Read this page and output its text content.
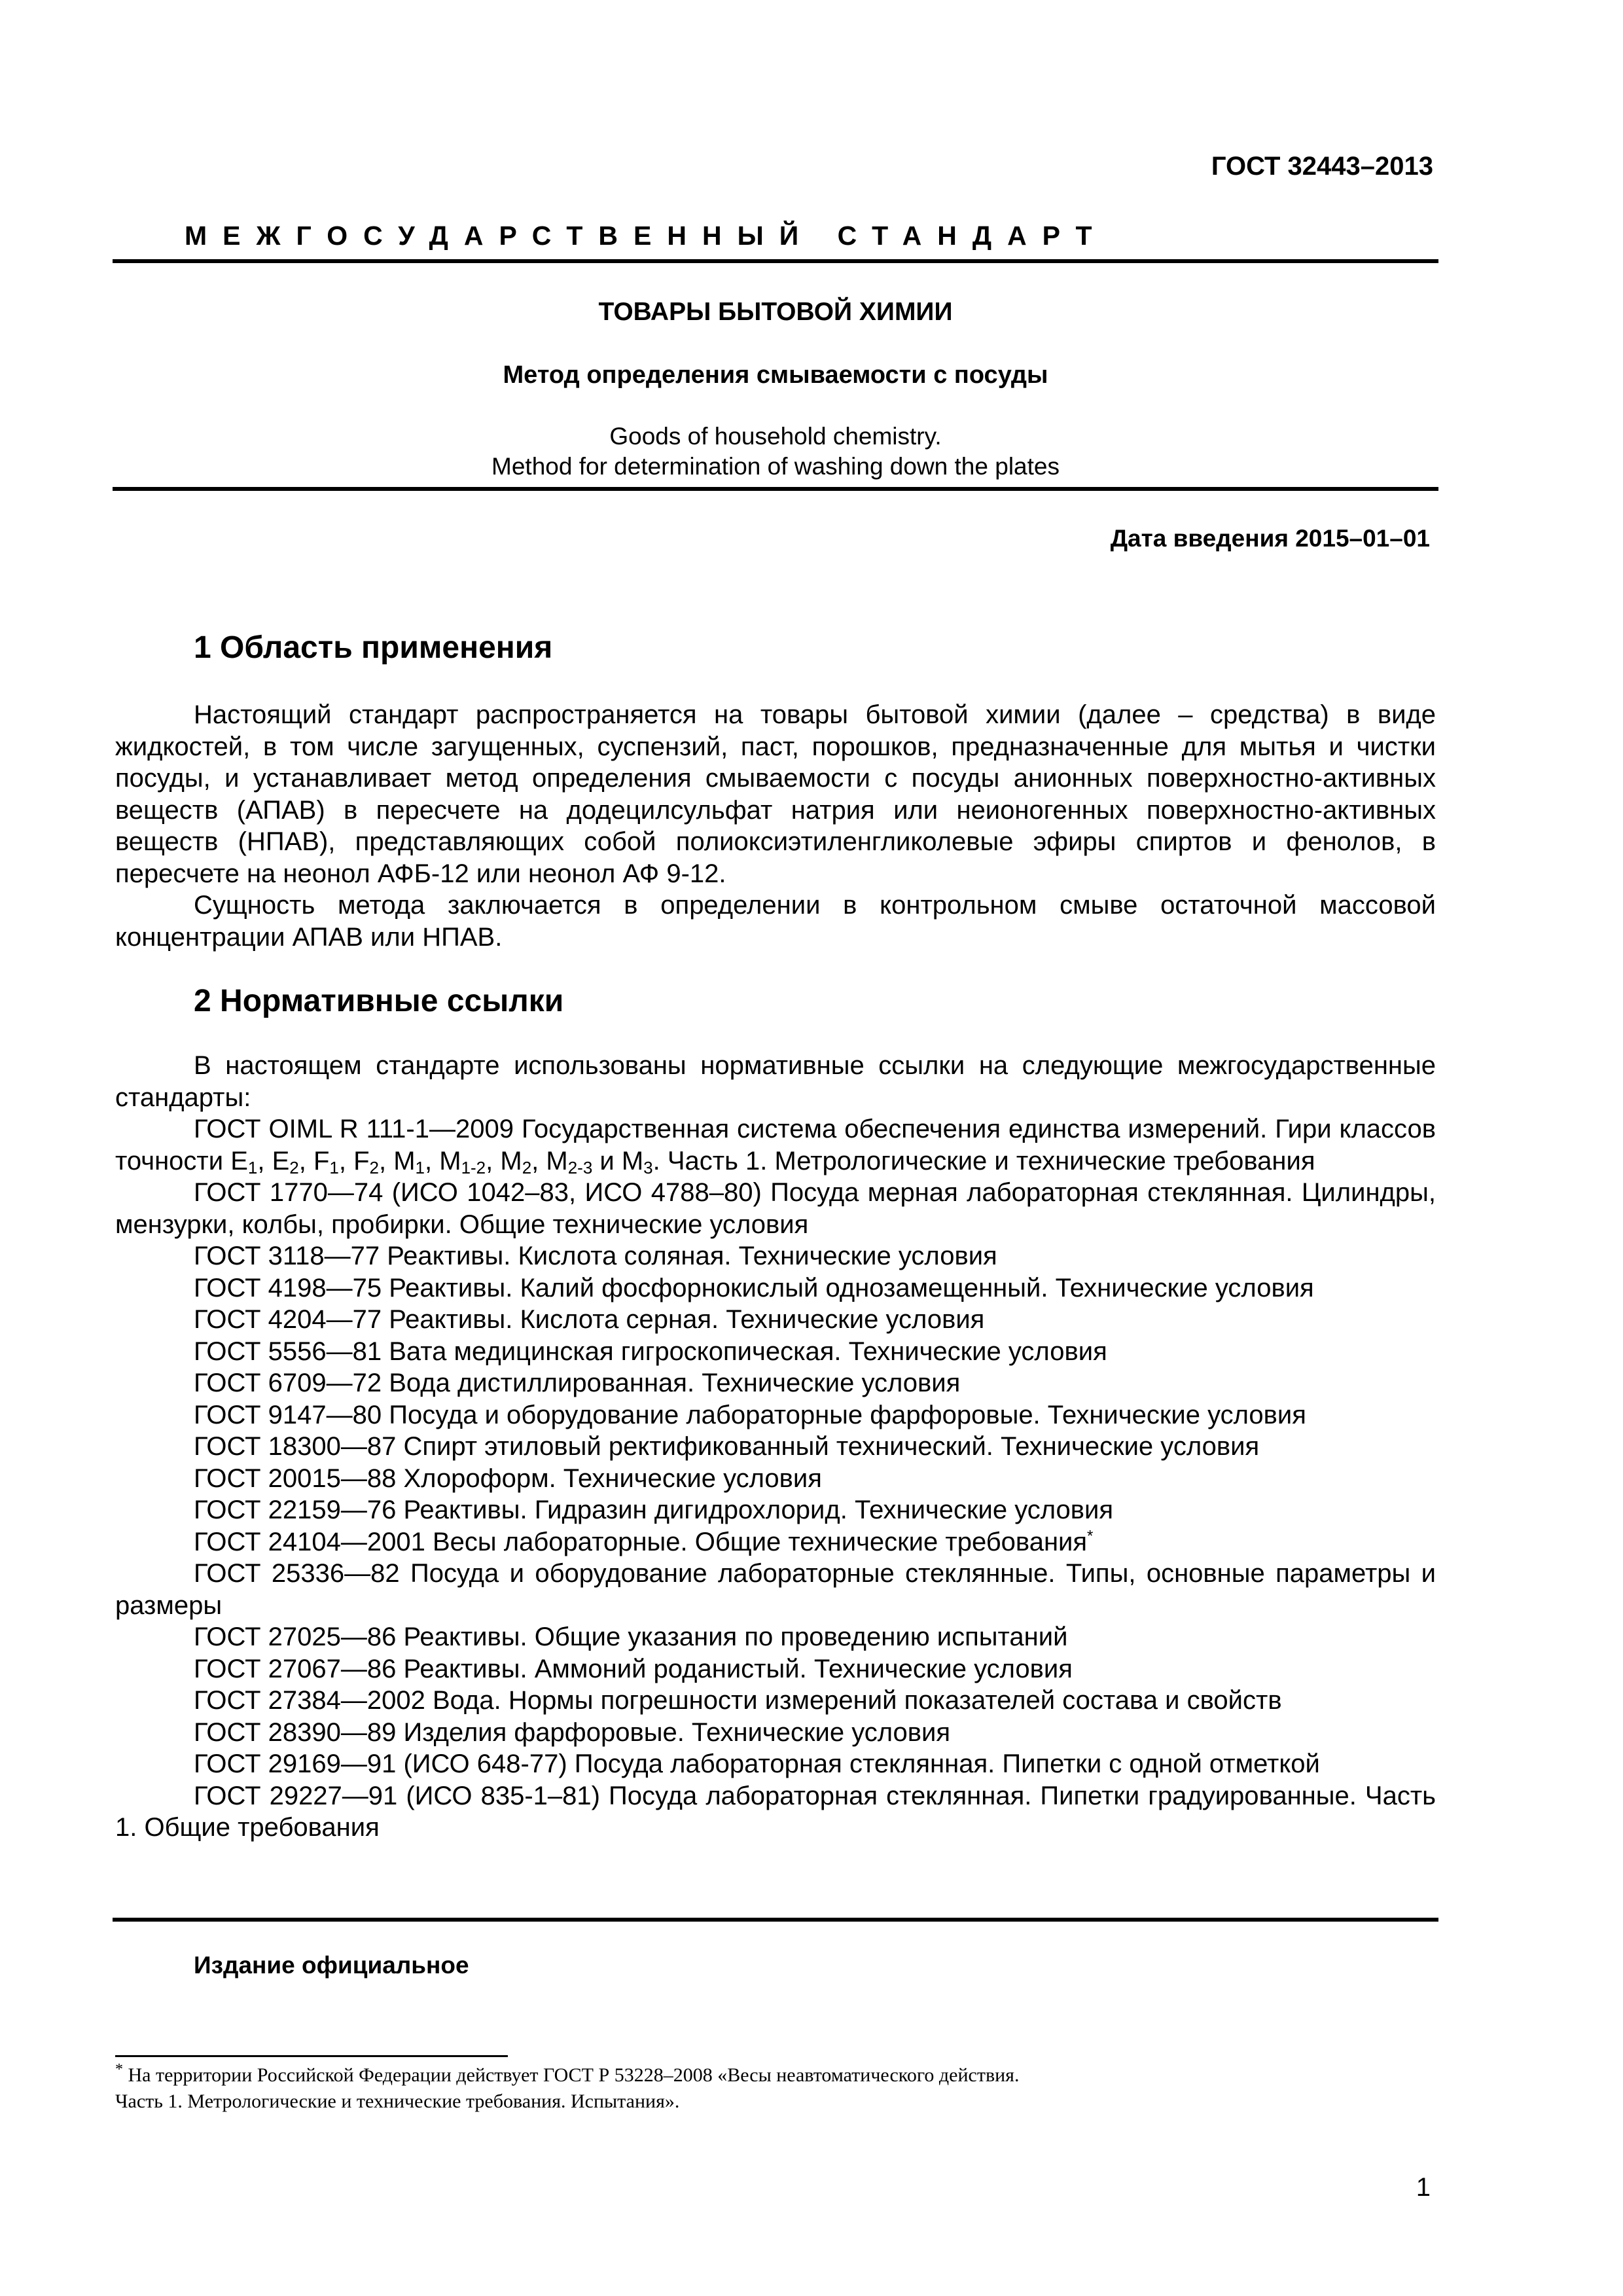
ГОСТ 32443–2013
МЕЖГОСУДАРСТВЕННЫЙ СТАНДАРТ
ТОВАРЫ БЫТОВОЙ ХИМИИ
Метод определения смываемости с посуды
Goods of household chemistry.
Method for determination of washing down the plates
Дата введения 2015–01–01
1 Область применения

Настоящий стандарт распространяется на товары бытовой химии (далее – средства) в виде жидкостей, в том числе загущенных, суспензий, паст, порошков, предназначенные для мытья и чистки посуды, и устанавливает метод определения смываемости с посуды анионных поверхностно-активных веществ (АПАВ) в пересчете на додецилсульфат натрия или неионогенных поверхностно-активных веществ (НПАВ), представляющих собой полиоксиэтиленгликолевые эфиры спиртов и фенолов, в пересчете на неонол АФБ-12 или неонол АФ 9-12.

Сущность метода заключается в определении в контрольном смыве остаточной массовой концентрации АПАВ или НПАВ.

2 Нормативные ссылки

В настоящем стандарте использованы нормативные ссылки на следующие межгосударственные стандарты:

ГОСТ OIML R 111-1—2009 Государственная система обеспечения единства измерений. Гири классов точности $E_1$, $E_2$, $F_1$, $F_2$, $M_1$, $M_{1-2}$, $M_2$, $M_{2-3}$ и $M_3$. Часть 1. Метрологические и технические требования

ГОСТ 1770—74 (ИСО 1042–83, ИСО 4788–80) Посуда мерная лабораторная стеклянная. Цилиндры, мензурки, колбы, пробирки. Общие технические условия

ГОСТ 3118—77 Реактивы. Кислота соляная. Технические условия

ГОСТ 4198—75 Реактивы. Калий фосфорнокислый однозамещенный. Технические условия

ГОСТ 4204—77 Реактивы. Кислота серная. Технические условия

ГОСТ 5556—81 Вата медицинская гигроскопическая. Технические условия

ГОСТ 6709—72 Вода дистиллированная. Технические условия

ГОСТ 9147—80 Посуда и оборудование лабораторные фарфоровые. Технические условия

ГОСТ 18300—87 Спирт этиловый ректификованный технический. Технические условия

ГОСТ 20015—88 Хлороформ. Технические условия

ГОСТ 22159—76 Реактивы. Гидразин дигидрохлорид. Технические условия

ГОСТ 24104—2001 Весы лабораторные. Общие технические требования*

ГОСТ 25336—82 Посуда и оборудование лабораторные стеклянные. Типы, основные параметры и размеры

ГОСТ 27025—86 Реактивы. Общие указания по проведению испытаний

ГОСТ 27067—86 Реактивы. Аммоний роданистый. Технические условия

ГОСТ 27384—2002 Вода. Нормы погрешности измерений показателей состава и свойств

ГОСТ 28390—89 Изделия фарфоровые. Технические условия

ГОСТ 29169—91 (ИСО 648-77) Посуда лабораторная стеклянная. Пипетки с одной отметкой

ГОСТ 29227—91 (ИСО 835-1–81) Посуда лабораторная стеклянная. Пипетки градуированные. Часть 1. Общие требования

Издание официальное
* На территории Российской Федерации действует ГОСТ Р 53228–2008 «Весы неавтоматического действия.
Часть 1. Метрологические и технические требования. Испытания».
1
